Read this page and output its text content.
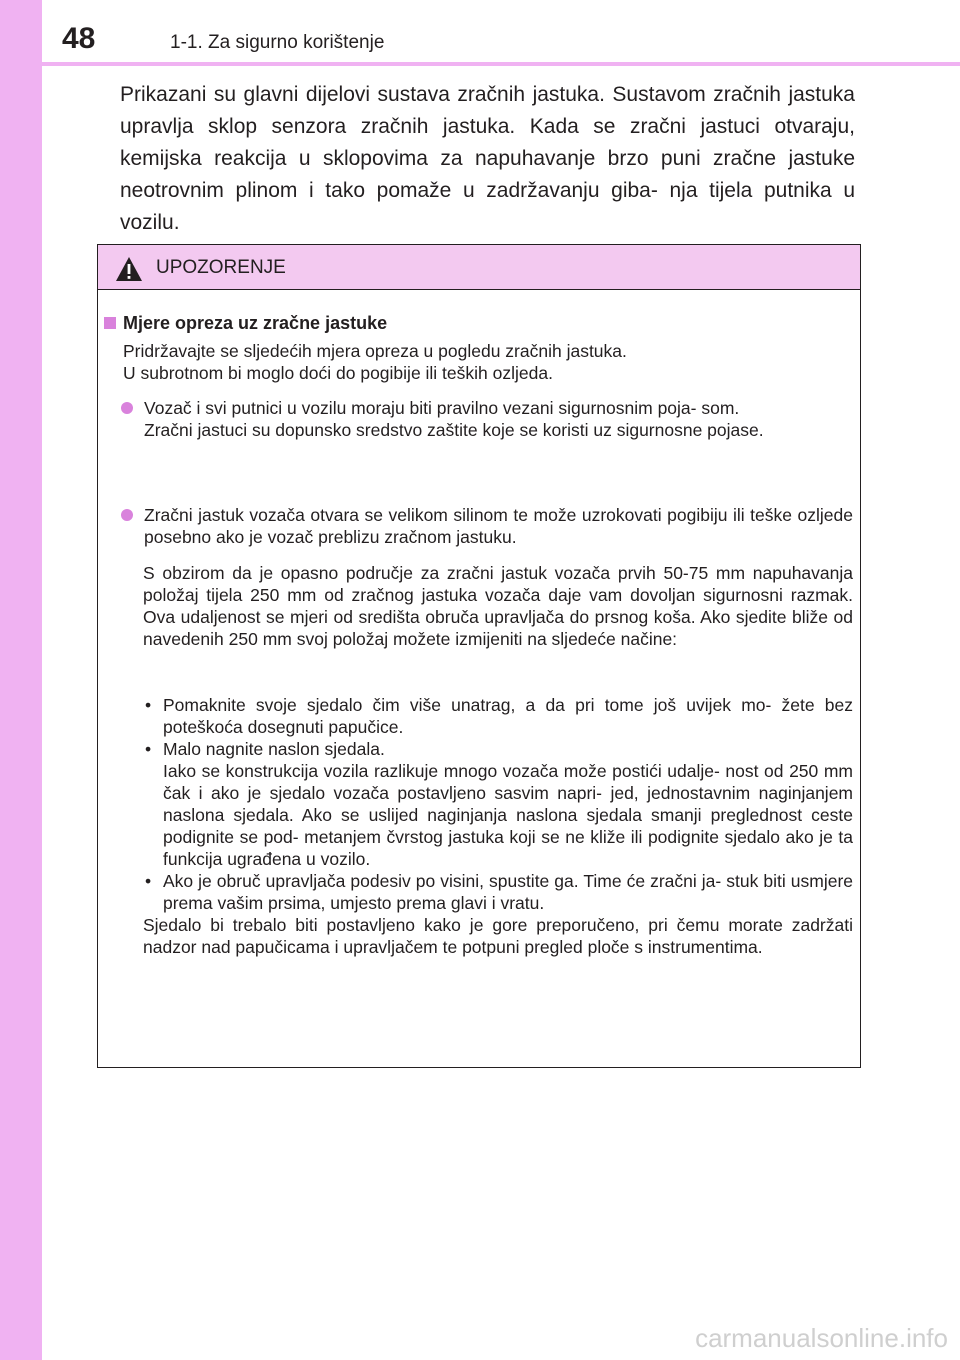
48	1-1. Za sigurno korištenje
Prikazani su glavni dijelovi sustava zračnih jastuka. Sustavom zračnih jastuka upravlja sklop senzora zračnih jastuka. Kada se zračni jastuci otvaraju, kemijska reakcija u sklopovima za napuhavanje brzo puni zračne jastuke neotrovnim plinom i tako pomaže u zadržavanju giba- nja tijela putnika u vozilu.
UPOZORENJE
Mjere opreza uz zračne jastuke
Pridržavajte se sljedećih mjera opreza u pogledu zračnih jastuka.
U subrotnom bi moglo doći do pogibije ili teških ozljeda.
Vozač i svi putnici u vozilu moraju biti pravilno vezani sigurnosnim poja- som.
Zračni jastuci su dopunsko sredstvo zaštite koje se koristi uz sigurnosne pojase.
Zračni jastuk vozača otvara se velikom silinom te može uzrokovati pogibiju ili teške ozljede posebno ako je vozač preblizu zračnom jastuku.
S obzirom da je opasno područje za zračni jastuk vozača prvih 50-75 mm napuhavanja položaj tijela 250 mm od zračnog jastuka vozača daje vam dovoljan sigurnosni razmak. Ova udaljenost se mjeri od središta obruča upravljača do prsnog koša. Ako sjedite bliže od navedenih 250 mm svoj položaj možete izmijeniti na sljedeće načine:
• Pomaknite svoje sjedalo čim više unatrag, a da pri tome još uvijek mo- žete bez poteškoća dosegnuti papučice.
• Malo nagnite naslon sjedala.
Iako se konstrukcija vozila razlikuje mnogo vozača može postići udalje- nost od 250 mm čak i ako je sjedalo vozača postavljeno sasvim napri- jed, jednostavnim naginjanjem naslona sjedala. Ako se uslijed naginjanja naslona sjedala smanji preglednost ceste podignite se pod- metanjem čvrstog jastuka koji se ne kliže ili podignite sjedalo ako je ta funkcija ugrađena u vozilo.
• Ako je obruč upravljača podesiv po visini, spustite ga. Time će zračni ja- stuk biti usmjere prema vašim prsima, umjesto prema glavi i vratu.
Sjedalo bi trebalo biti postavljeno kako je gore preporučeno, pri čemu morate zadržati nadzor nad papučicama i upravljačem te potpuni pregled ploče s instrumentima.
carmanualsonline.info
